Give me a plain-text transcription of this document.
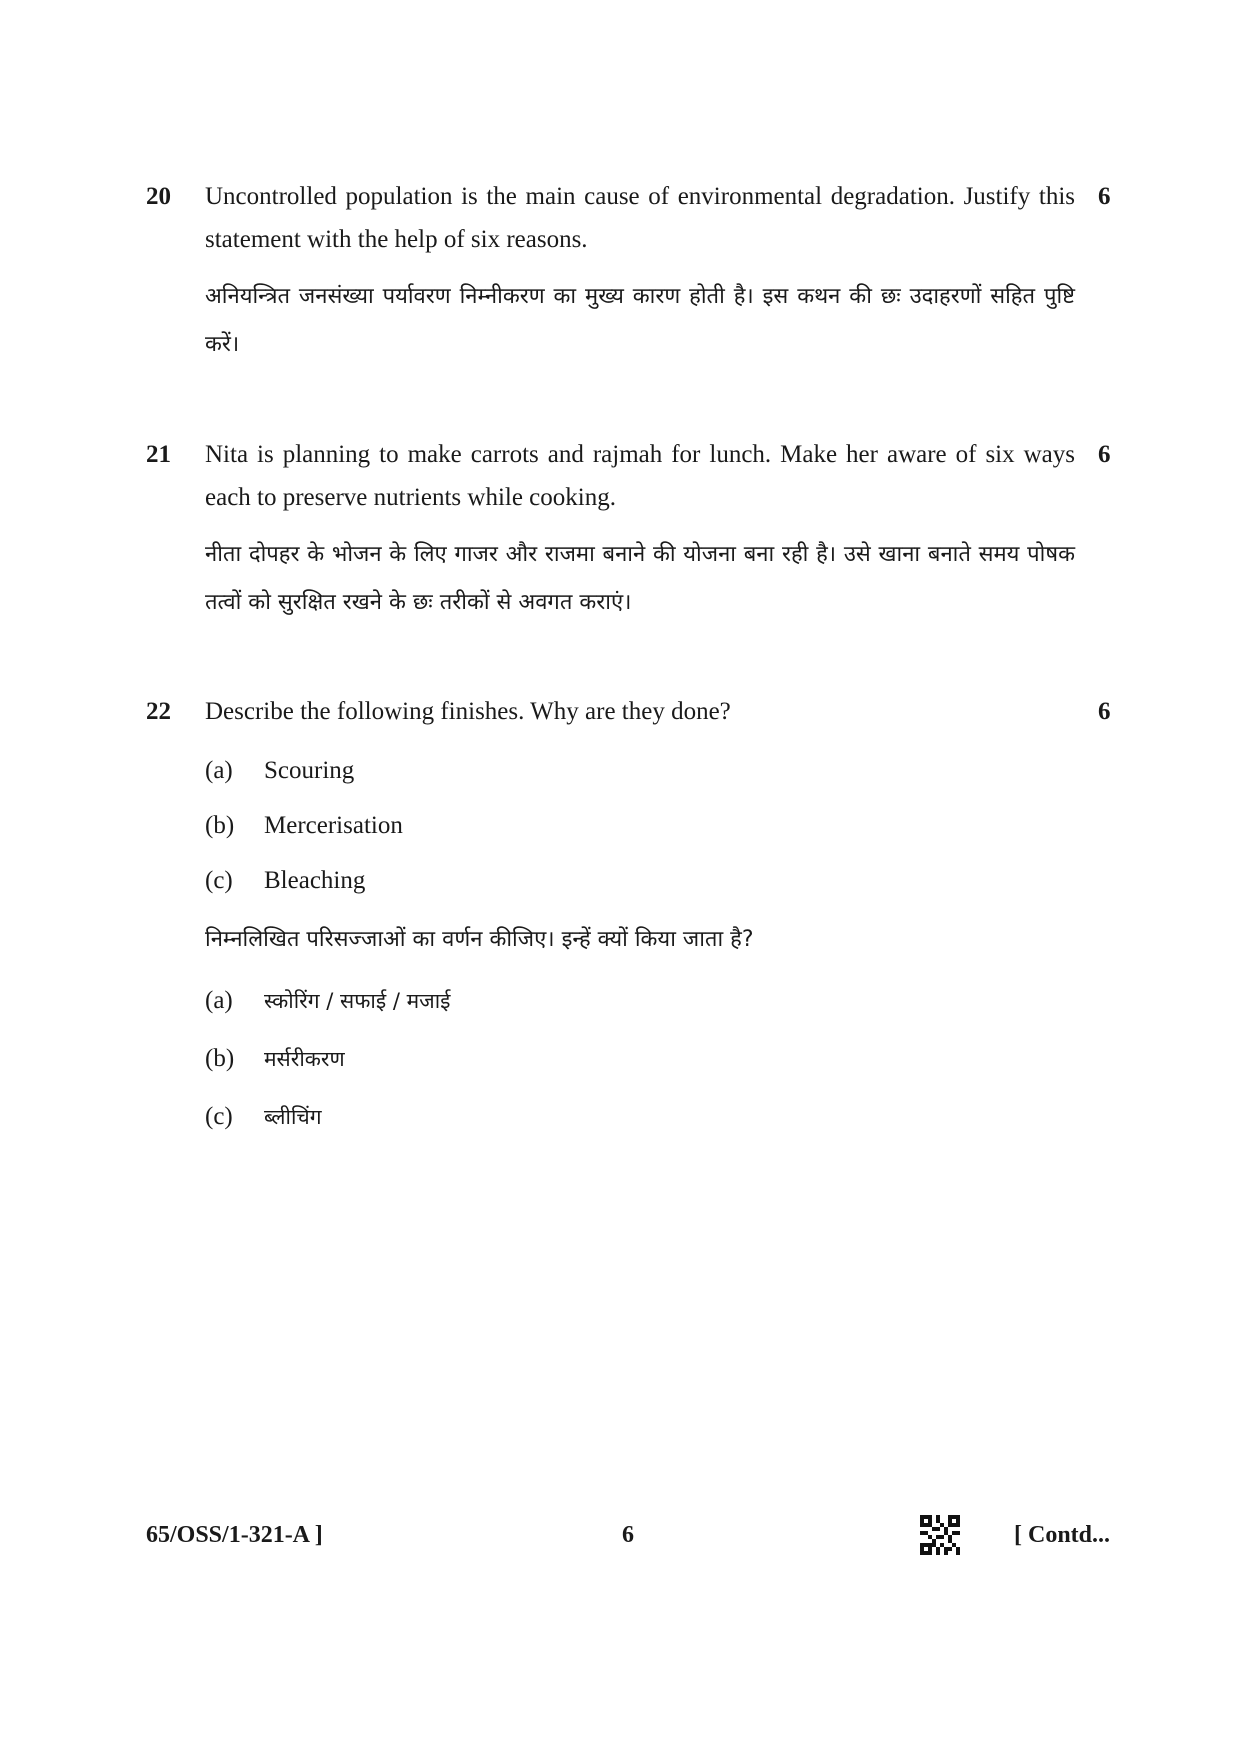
20 Uncontrolled population is the main cause of environmental degradation. Justify this statement with the help of six reasons.

अनियन्त्रित जनसंख्या पर्यावरण निम्नीकरण का मुख्य कारण होती है। इस कथन की छः उदाहरणों सहित पुष्टि करें।

6
21 Nita is planning to make carrots and rajmah for lunch. Make her aware of six ways each to preserve nutrients while cooking.

नीता दोपहर के भोजन के लिए गाजर और राजमा बनाने की योजना बना रही है। उसे खाना बनाते समय पोषक तत्वों को सुरक्षित रखने के छः तरीकों से अवगत कराएं।

6
22 Describe the following finishes. Why are they done?

(a) Scouring
(b) Mercerisation
(c) Bleaching

निम्नलिखित परिसज्जाओं का वर्णन कीजिए। इन्हें क्यों किया जाता है?

(a) स्कोरिंग / सफाई / मजाई
(b) मर्सरीकरण
(c) ब्लीचिंग
6
65/OSS/1-321-A ]	6	[ Contd...
